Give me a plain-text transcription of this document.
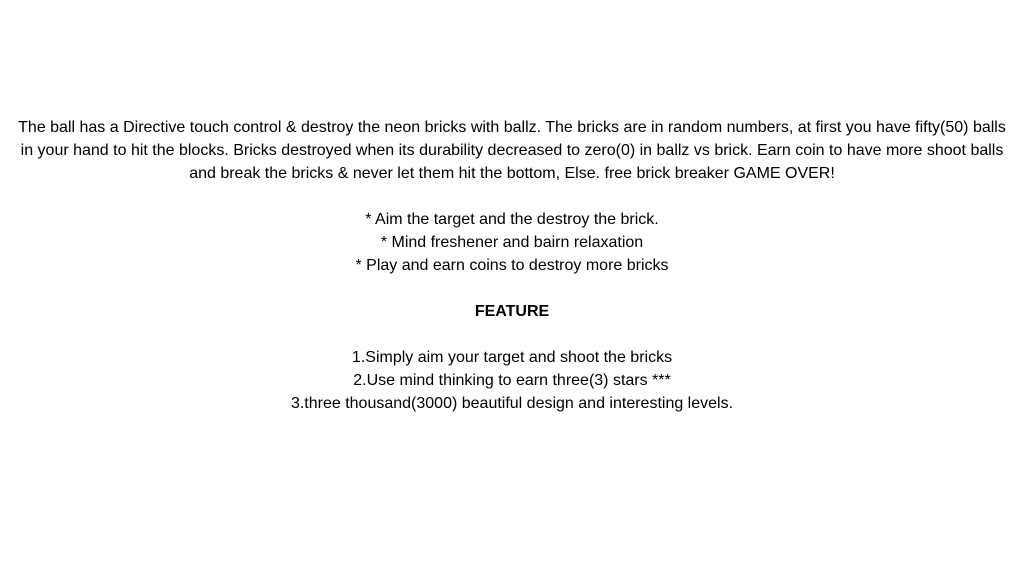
The ball has a Directive touch control & destroy the neon bricks with ballz. The bricks are in random numbers, at first you have fifty(50) balls in your hand to hit the blocks. Bricks destroyed when its durability decreased to zero(0) in ballz vs brick. Earn coin to have more shoot balls and break the bricks & never let them hit the bottom, Else. free brick breaker GAME OVER!

* Aim the target and the destroy the brick.

* Mind freshener and bairn relaxation

* Play and earn coins to destroy more bricks

FEATURE

1.Simply aim your target and shoot the bricks

2.Use mind thinking to earn three(3) stars ***

3.three thousand(3000) beautiful design and interesting levels.
